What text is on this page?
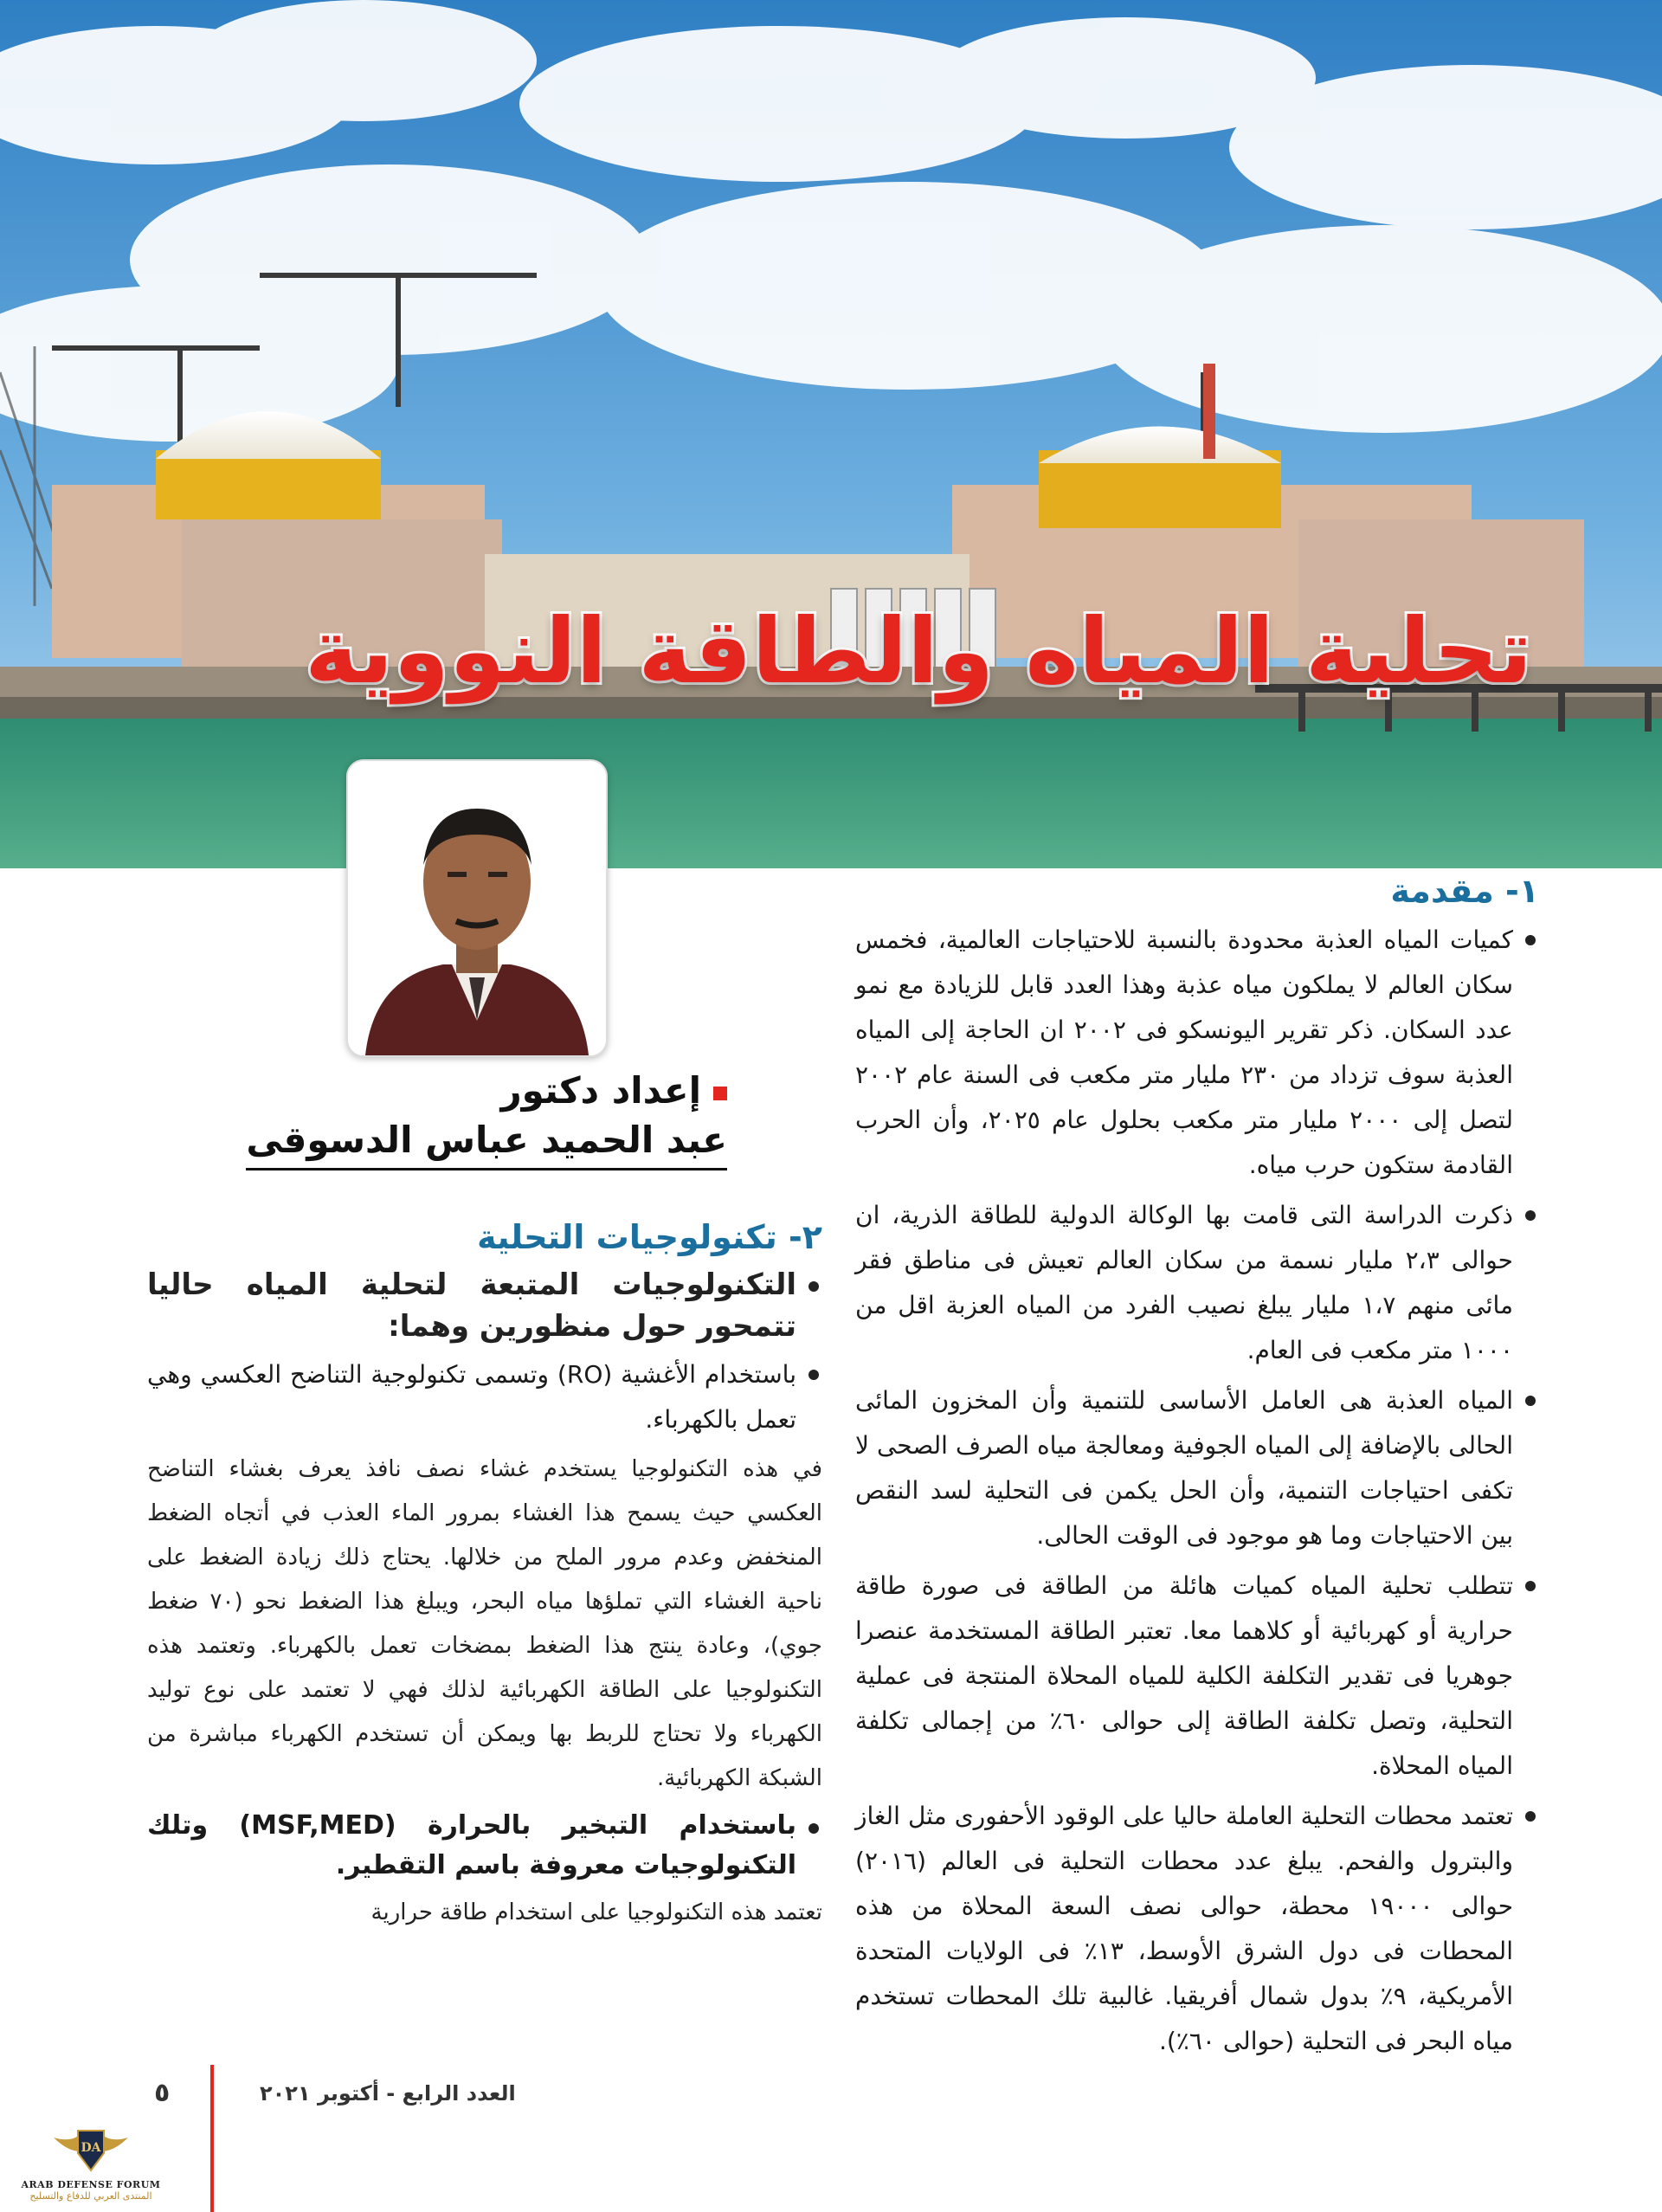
تحلية المياه والطاقة النووية

إعداد دكتور

عبد الحميد عباس الدسوقى

١- مقدمة

كميات المياه العذبة محدودة بالنسبة للاحتياجات العالمية، فخمس سكان العالم لا يملكون مياه عذبة وهذا العدد قابل للزيادة مع نمو عدد السكان. ذكر تقرير اليونسكو فى ٢٠٠٢ ان الحاجة إلى المياه العذبة سوف تزداد من ٢٣٠ مليار متر مكعب فى السنة عام ٢٠٠٢ لتصل إلى ٢٠٠٠ مليار متر مكعب بحلول عام ٢٠٢٥، وأن الحرب القادمة ستكون حرب مياه.

ذكرت الدراسة التى قامت بها الوكالة الدولية للطاقة الذرية، ان حوالى ٢،٣ مليار نسمة من سكان العالم تعيش فى مناطق فقر مائى منهم ١،٧ مليار يبلغ نصيب الفرد من المياه العزبة اقل من ١٠٠٠ متر مكعب فى العام.

المياه العذبة هى العامل الأساسى للتنمية وأن المخزون المائى الحالى بالإضافة إلى المياه الجوفية ومعالجة مياه الصرف الصحى لا تكفى احتياجات التنمية، وأن الحل يكمن فى التحلية لسد النقص بين الاحتياجات وما هو موجود فى الوقت الحالى.

تتطلب تحلية المياه كميات هائلة من الطاقة فى صورة طاقة حرارية أو كهربائية أو كلاهما معا. تعتبر الطاقة المستخدمة عنصرا جوهريا فى تقدير التكلفة الكلية للمياه المحلاة المنتجة فى عملية التحلية، وتصل تكلفة الطاقة إلى حوالى ٦٠٪ من إجمالى تكلفة المياه المحلاة.

تعتمد محطات التحلية العاملة حاليا على الوقود الأحفورى مثل الغاز والبترول والفحم. يبلغ عدد محطات التحلية فى العالم (٢٠١٦) حوالى ١٩٠٠٠ محطة، حوالى نصف السعة المحلاة من هذه المحطات فى دول الشرق الأوسط، ١٣٪ فى الولايات المتحدة الأمريكية، ٩٪ بدول شمال أفريقيا. غالبية تلك المحطات تستخدم مياه البحر فى التحلية (حوالى ٦٠٪).

٢- تكنولوجيات التحلية

التكنولوجيات المتبعة لتحلية المياه حاليا تتمحور حول منظورين وهما:

باستخدام الأغشية (RO) وتسمى تكنولوجية التناضح العكسي وهي تعمل بالكهرباء.

في هذه التكنولوجيا يستخدم غشاء نصف نافذ يعرف بغشاء التناضح العكسي حيث يسمح هذا الغشاء بمرور الماء العذب في أتجاه الضغط المنخفض وعدم مرور الملح من خلالها. يحتاج ذلك زيادة الضغط على ناحية الغشاء التي تملؤها مياه البحر، ويبلغ هذا الضغط نحو (٧٠ ضغط جوي)، وعادة ينتج هذا الضغط بمضخات تعمل بالكهرباء. وتعتمد هذه التكنولوجيا على الطاقة الكهربائية لذلك فهي لا تعتمد على نوع توليد الكهرباء ولا تحتاج للربط بها ويمكن أن تستخدم الكهرباء مباشرة من الشبكة الكهربائية.

باستخدام التبخير بالحرارة (MSF,MED) وتلك التكنولوجيات معروفة باسم التقطير.

تعتمد هذه التكنولوجيا على استخدام طاقة حرارية

٥	العدد الرابع - أكتوبر ٢٠٢١
DA
ARAB DEFENSE FORUM
المنتدى العربي للدفاع والتسليح
